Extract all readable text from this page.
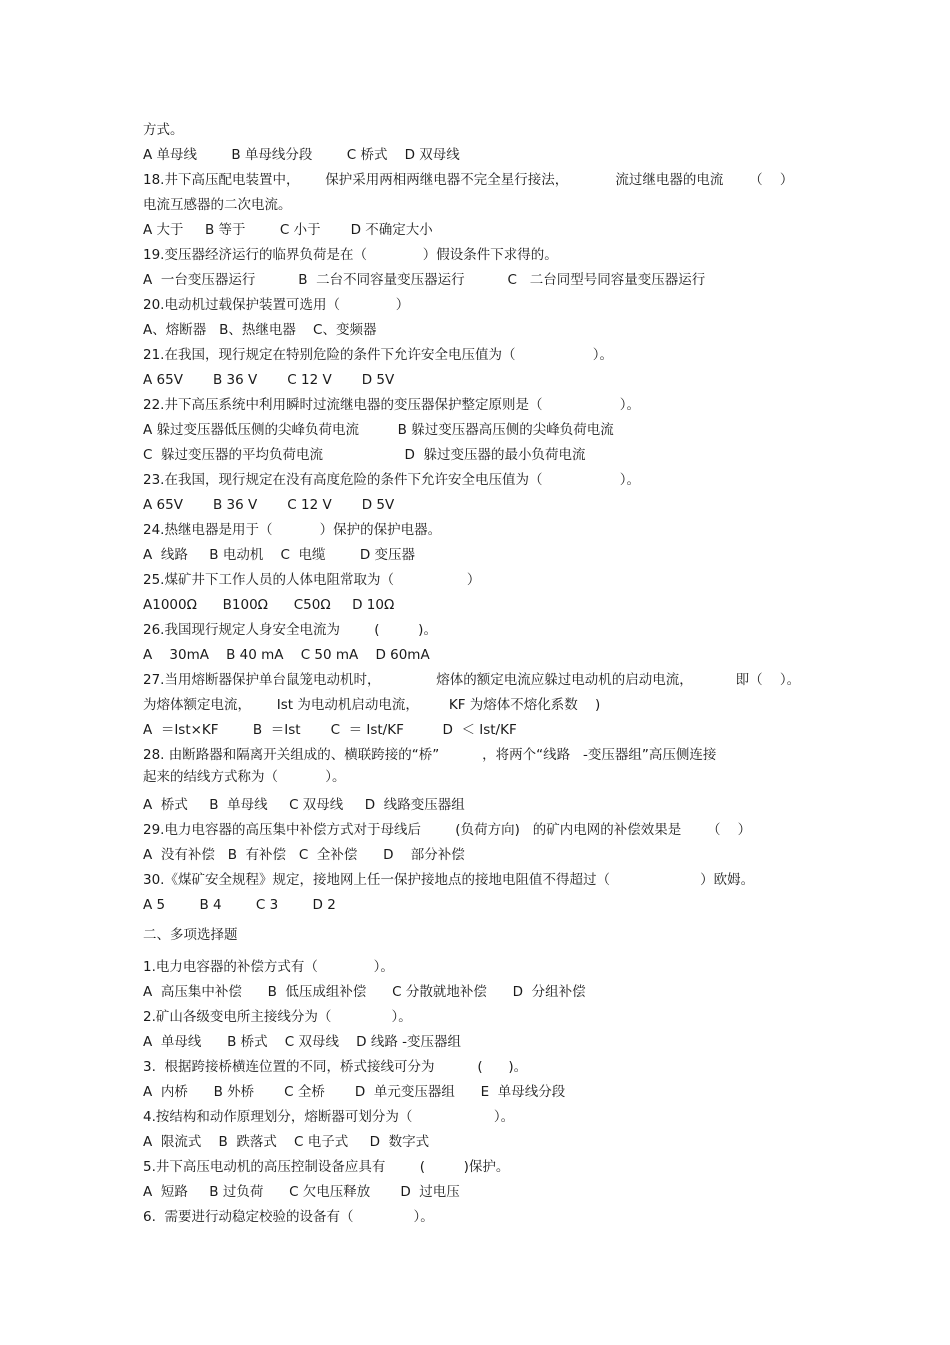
方式。
A 单母线        B 单母线分段        C 桥式    D 双母线
18.井下高压配电装置中，      保护采用两相两继电器不完全星行接法，           流过继电器的电流      （    ）
电流互感器的二次电流。
A 大于     B 等于        C 小于       D 不确定大小
19.变压器经济运行的临界负荷是在（             ）假设条件下求得的。
A  一台变压器运行          B  二台不同容量变压器运行          C   二台同型号同容量变压器运行
20.电动机过载保护装置可选用（             ）
A、熔断器   B、热继电器    C、变频器
21.在我国，现行规定在特别危险的条件下允许安全电压值为（                  ）。
A 65V       B 36 V       C 12 V       D 5V
22.井下高压系统中利用瞬时过流继电器的变压器保护整定原则是（                  ）。
A 躲过变压器低压侧的尖峰负荷电流         B 躲过变压器高压侧的尖峰负荷电流
C  躲过变压器的平均负荷电流                   D  躲过变压器的最小负荷电流
23.在我国，现行规定在没有高度危险的条件下允许安全电压值为（                  ）。
A 65V       B 36 V       C 12 V       D 5V
24.热继电器是用于（           ）保护的保护电器。
A  线路     B 电动机    C  电缆        D 变压器
25.煤矿井下工作人员的人体电阻常取为（                 ）
A1000Ω      B100Ω      C50Ω     D 10Ω
26.我国现行规定人身安全电流为        (         )。
A    30mA    B 40 mA    C 50 mA    D 60mA
27.当用熔断器保护单台鼠笼电动机时，             熔体的额定电流应躲过电动机的启动电流，          即（    ）。
为熔体额定电流，      Ist 为电动机启动电流，       KF 为熔体不熔化系数    )
A  ＝Ist×KF        B  ＝Ist       C  ＝ Ist/KF         D  ＜ Ist/KF
28. 由断路器和隔离开关组成的、横联跨接的“桥”          ，将两个“线路   -变压器组”高压侧连接
起来的结线方式称为（           ）。
A  桥式     B  单母线     C 双母线     D  线路变压器组
29.电力电容器的高压集中补偿方式对于母线后        (负荷方向)   的矿内电网的补偿效果是      （    ）
A  没有补偿   B  有补偿   C  全补偿      D    部分补偿
30.《煤矿安全规程》规定，接地网上任一保护接地点的接地电阻值不得超过（                     ）欧姆。
A 5        B 4        C 3        D 2
二、多项选择题
1.电力电容器的补偿方式有（             ）。
A  高压集中补偿      B  低压成组补偿      C 分散就地补偿      D  分组补偿
2.矿山各级变电所主接线分为（              ）。
A  单母线      B 桥式    C 双母线    D 线路 -变压器组
3.  根据跨接桥横连位置的不同，桥式接线可分为          (      )。
A  内桥      B 外桥       C 全桥       D  单元变压器组      E  单母线分段
4.按结构和动作原理划分，熔断器可划分为（                   ）。
A  限流式    B  跌落式    C 电子式     D  数字式
5.井下高压电动机的高压控制设备应具有        (         )保护。
A  短路     B 过负荷      C 欠电压释放       D  过电压
6.  需要进行动稳定校验的设备有（              ）。
